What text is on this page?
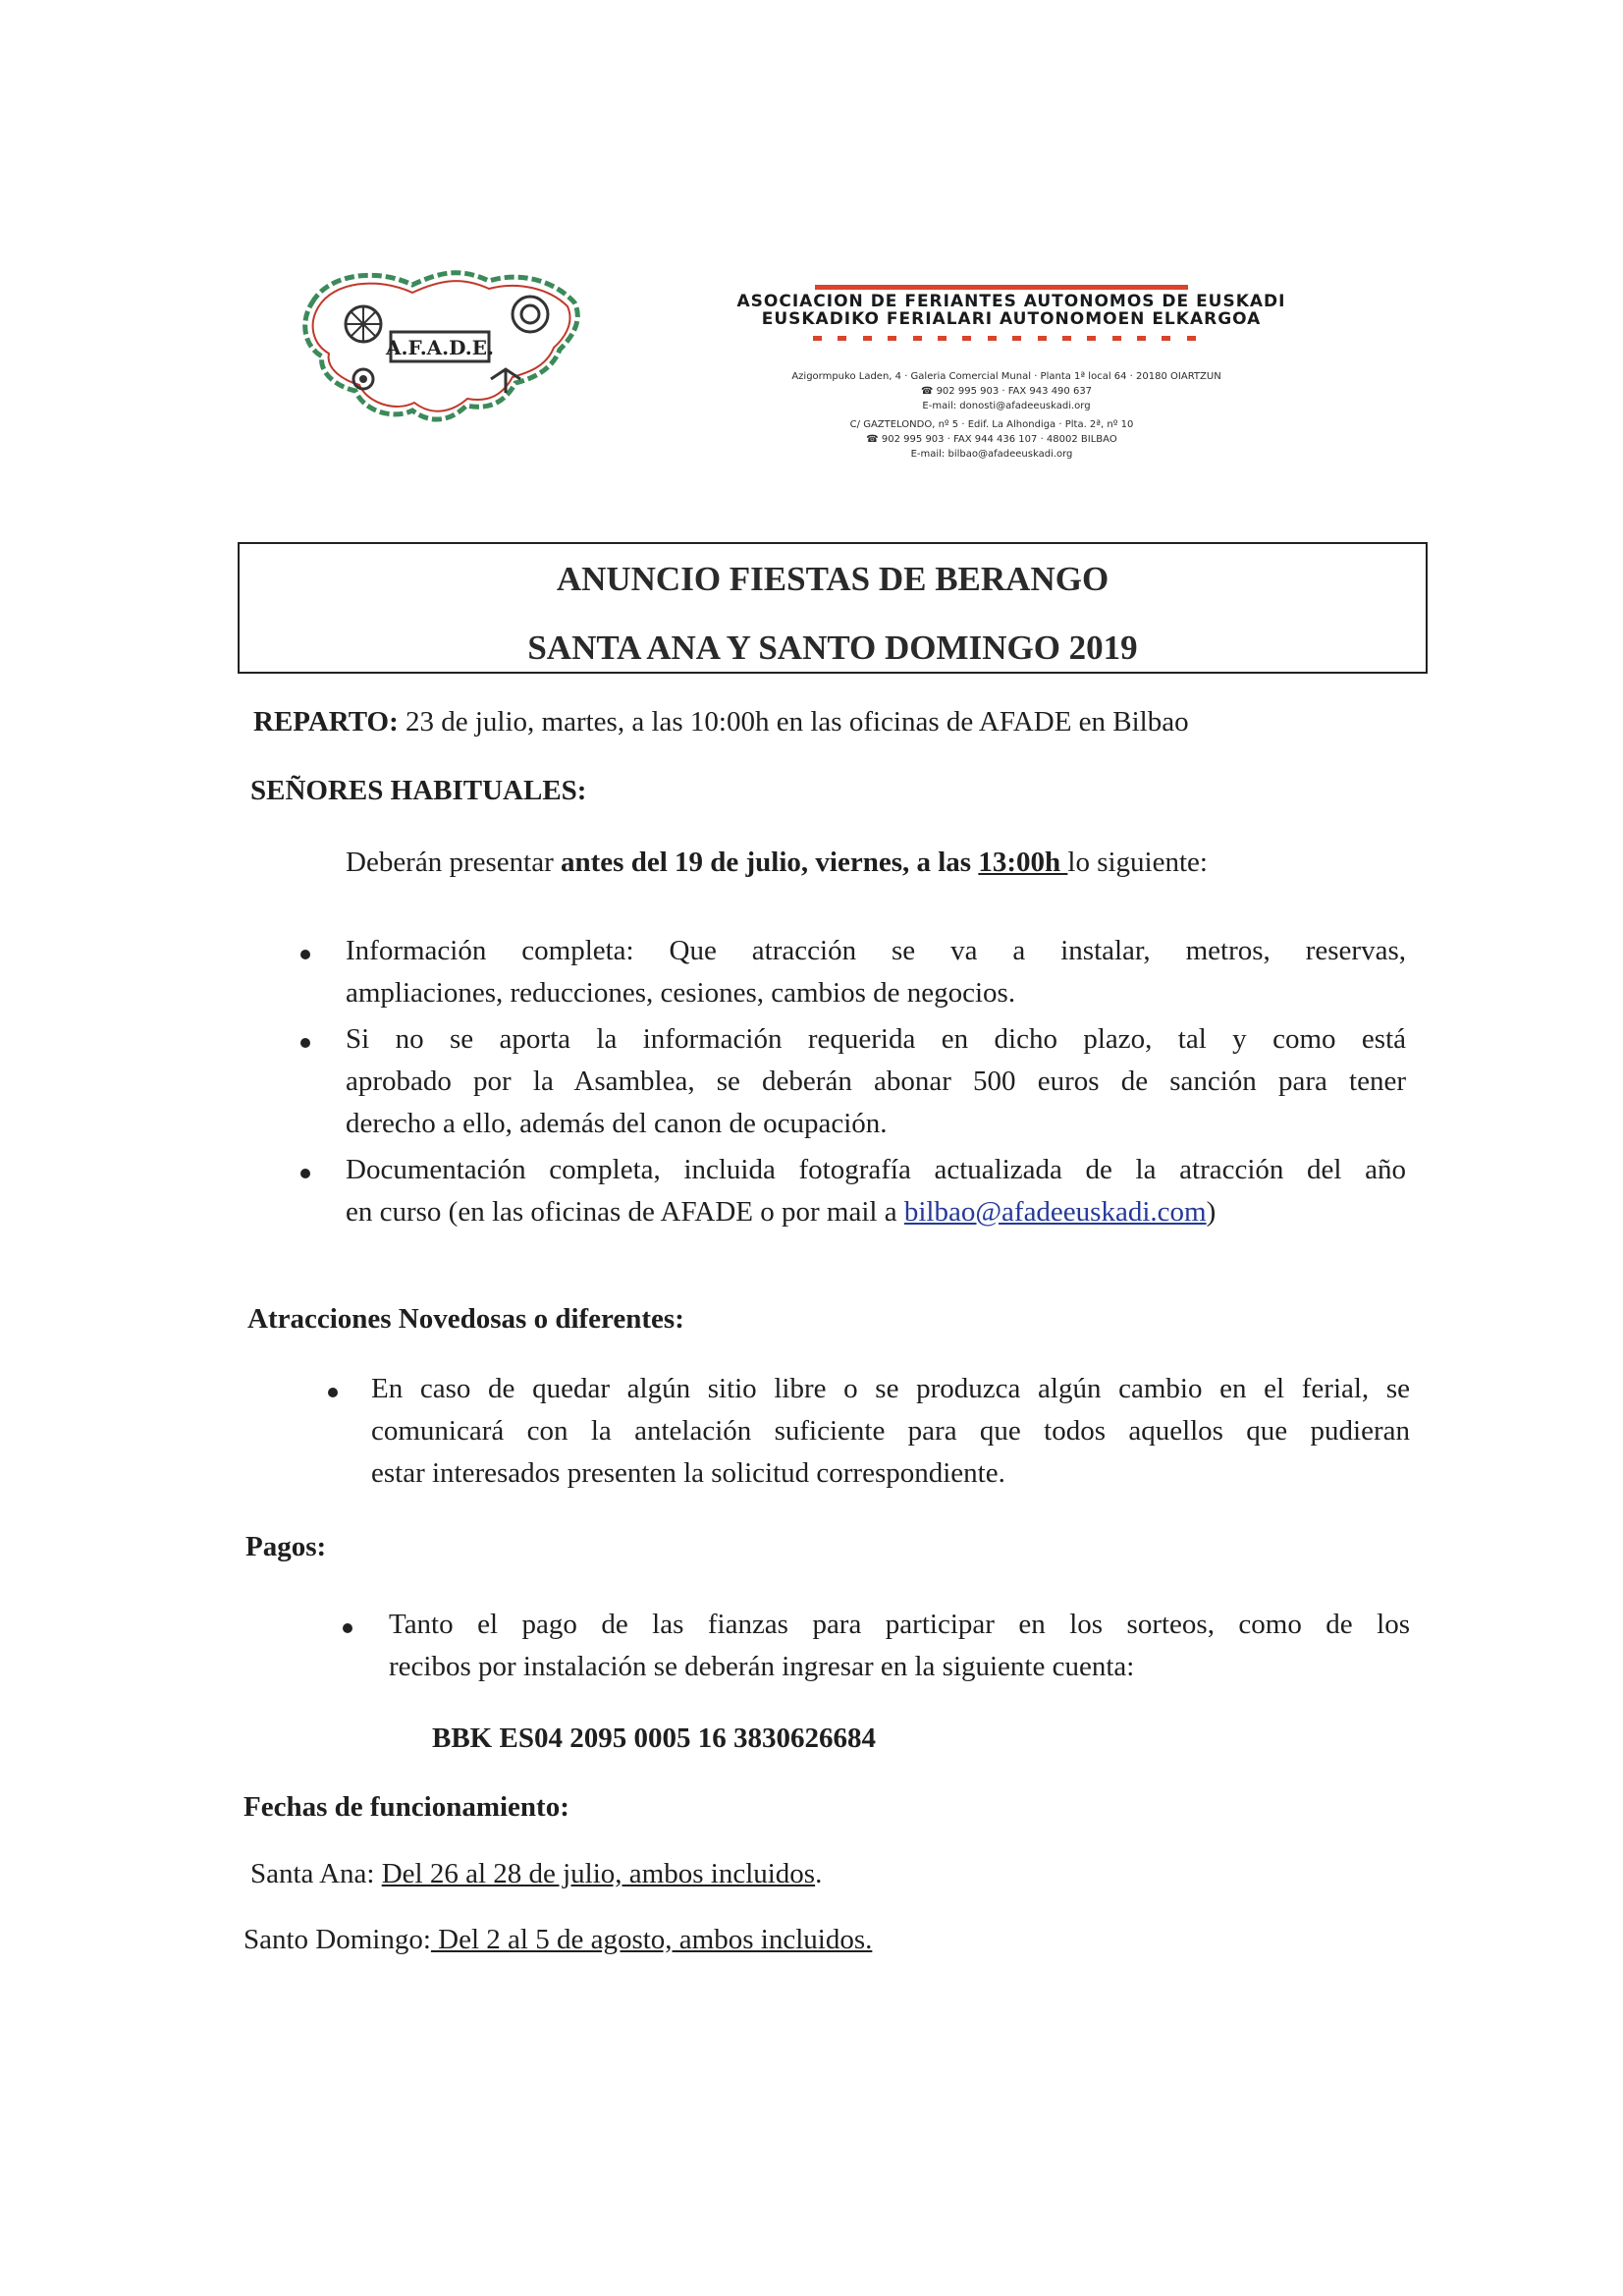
A.F.A.D.E.
ASOCIACION DE FERIANTES AUTONOMOS DE EUSKADI
EUSKADIKO FERIALARI AUTONOMOEN ELKARGOA
Azigormpuko Laden, 4 · Galeria Comercial Munal · Planta 1ª local 64 · 20180 OIARTZUN
☎ 902 995 903 · FAX 943 490 637
E-mail: donosti@afadeeuskadi.org
C/ GAZTELONDO, nº 5 · Edif. La Alhondiga · Plta. 2ª, nº 10
☎ 902 995 903 · FAX 944 436 107 · 48002 BILBAO
E-mail: bilbao@afadeeuskadi.org
ANUNCIO FIESTAS DE BERANGO
SANTA ANA Y SANTO DOMINGO 2019
REPARTO: 23 de julio, martes, a las 10:00h en las oficinas de AFADE en Bilbao
SEÑORES HABITUALES:
Deberán presentar antes del 19 de julio, viernes, a las 13:00h lo siguiente:
Información completa: Que atracción se va a instalar, metros, reservas,
ampliaciones, reducciones, cesiones, cambios de negocios.
Si no se aporta la información requerida en dicho plazo, tal y como está
aprobado por la Asamblea, se deberán abonar 500 euros de sanción para tener
derecho a ello, además del canon de ocupación.
Documentación completa, incluida fotografía actualizada de la atracción del año
en curso (en las oficinas de AFADE o por mail a bilbao@afadeeuskadi.com)
Atracciones Novedosas o diferentes:
En caso de quedar algún sitio libre o se produzca algún cambio en el ferial, se
comunicará con la antelación suficiente para que todos aquellos que pudieran
estar interesados presenten la solicitud correspondiente.
Pagos:
Tanto el pago de las fianzas para participar en los sorteos, como de los
recibos por instalación se deberán ingresar en la siguiente cuenta:
BBK ES04 2095 0005 16 3830626684
Fechas de funcionamiento:
Santa Ana: Del 26 al 28 de julio, ambos incluidos.
Santo Domingo: Del 2 al 5 de agosto, ambos incluidos.
